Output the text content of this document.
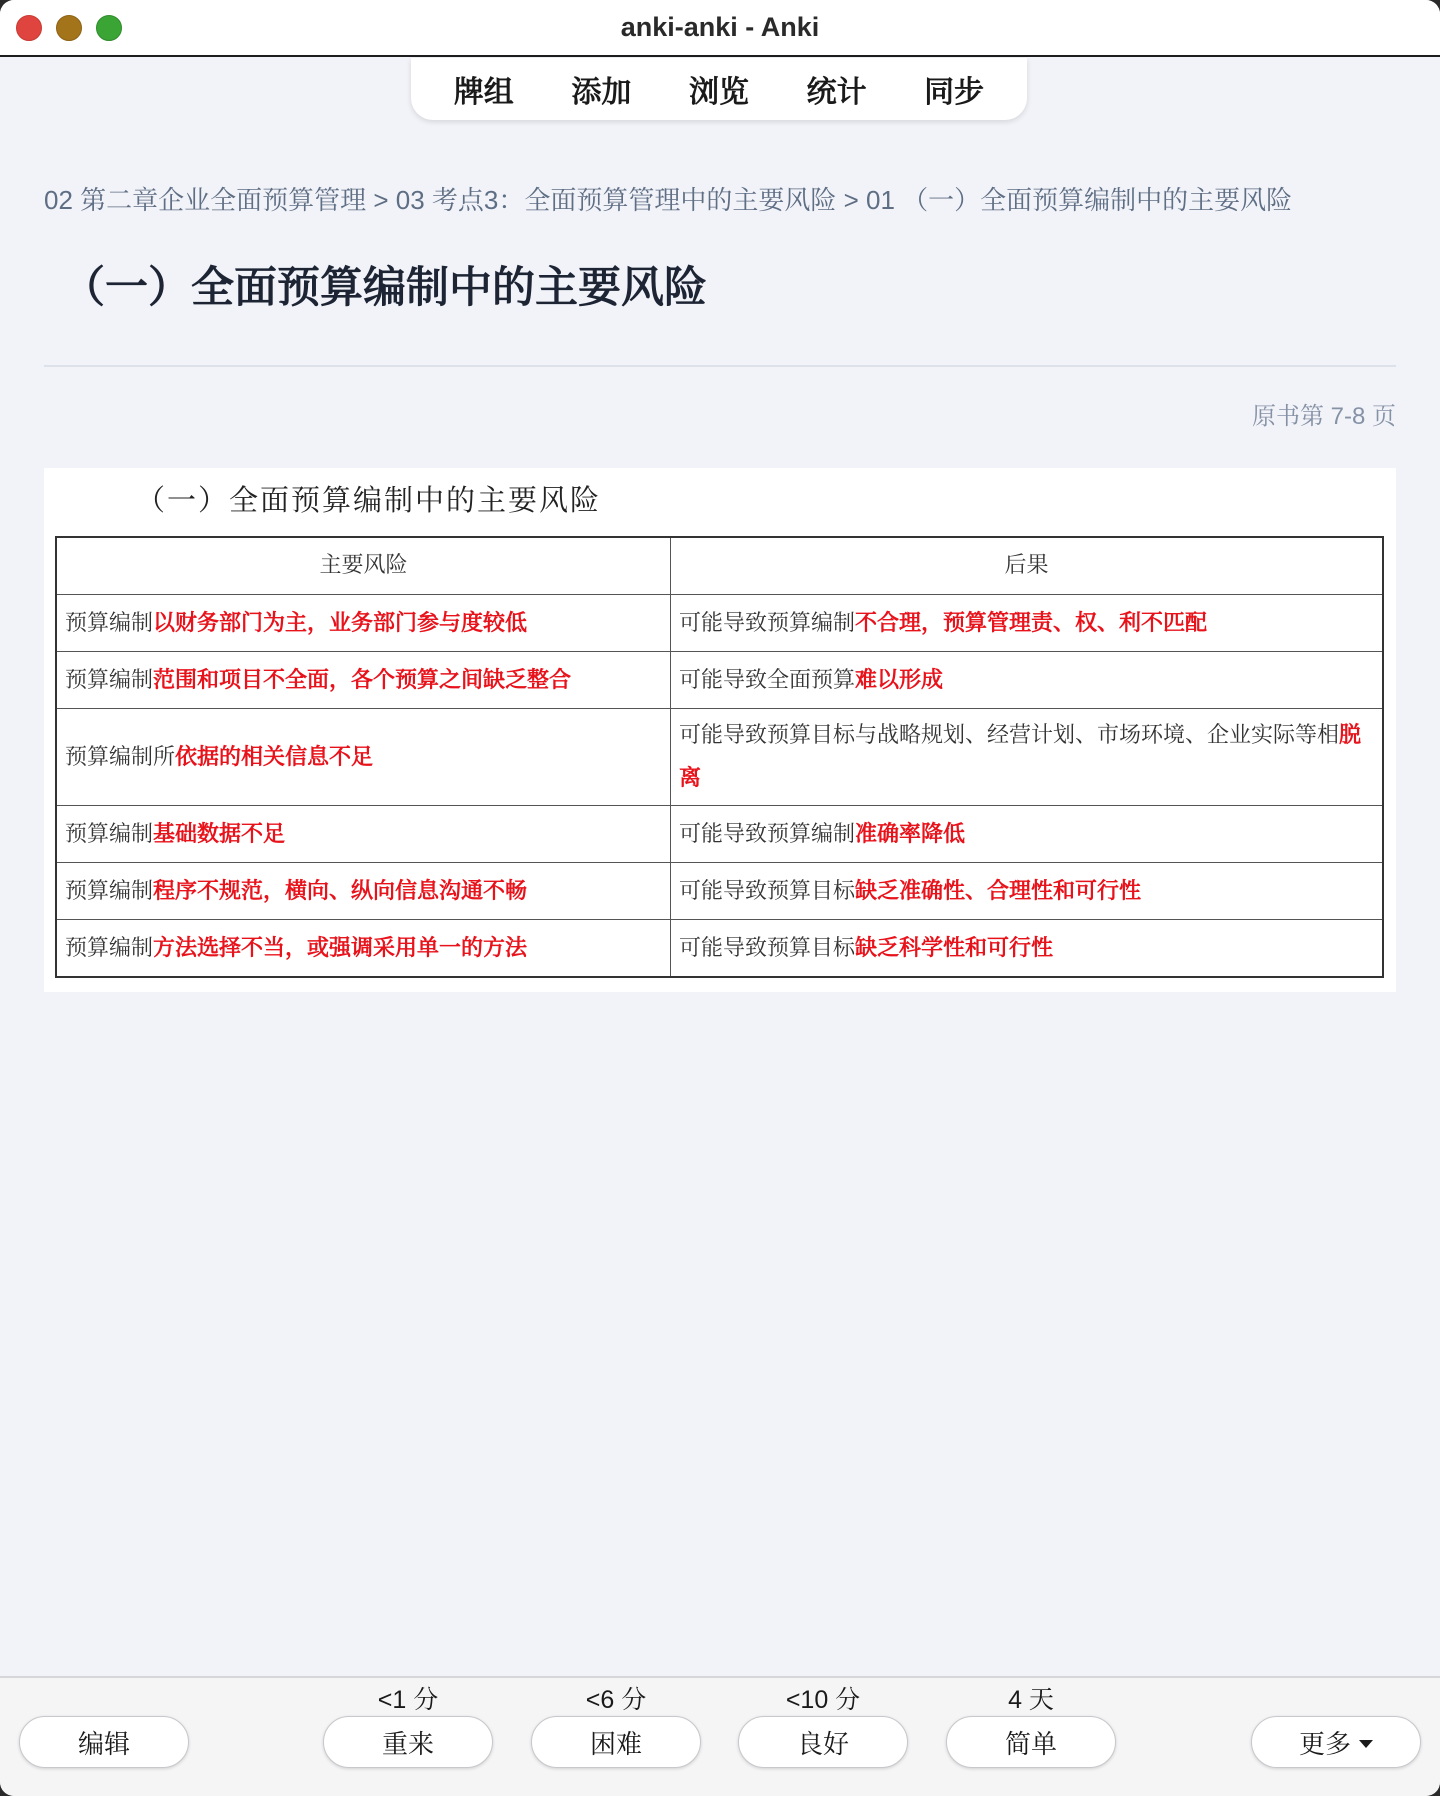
anki-anki - Anki
牌组 添加 浏览 统计 同步
02 第二章企业全面预算管理 > 03 考点3：全面预算管理中的主要风险 > 01 （一）全面预算编制中的主要风险
（一）全面预算编制中的主要风险
原书第 7-8 页
（一）全面预算编制中的主要风险
主要风险	后果
预算编制以财务部门为主，业务部门参与度较低	可能导致预算编制不合理，预算管理责、权、利不匹配
预算编制范围和项目不全面，各个预算之间缺乏整合	可能导致全面预算难以形成
预算编制所依据的相关信息不足	可能导致预算目标与战略规划、经营计划、市场环境、企业实际等相脱离
预算编制基础数据不足	可能导致预算编制准确率降低
预算编制程序不规范，横向、纵向信息沟通不畅	可能导致预算目标缺乏准确性、合理性和可行性
预算编制方法选择不当，或强调采用单一的方法	可能导致预算目标缺乏科学性和可行性
<1 分	<6 分	<10 分	4 天
编辑	重来	困难	良好	简单	更多
